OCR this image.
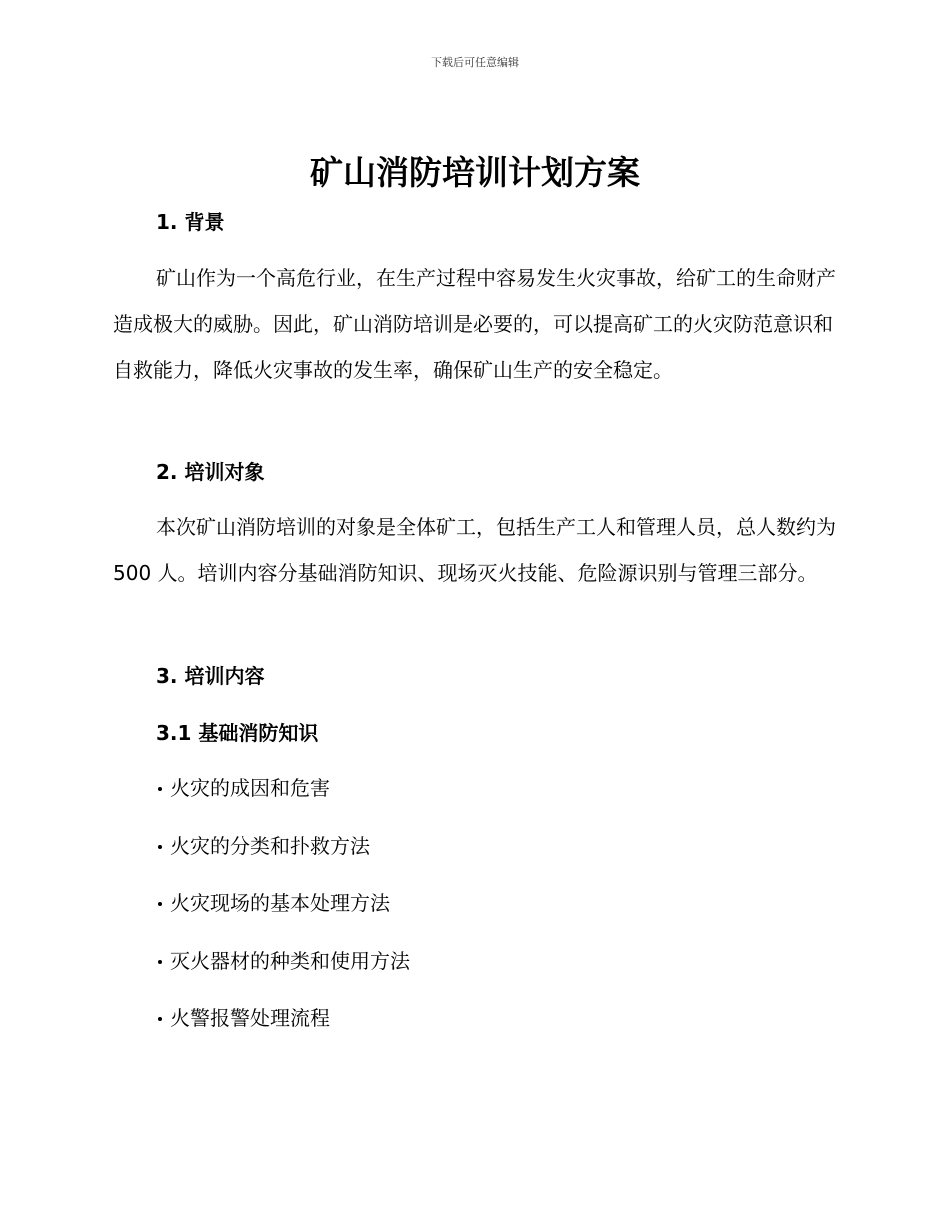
下载后可任意编辑
矿山消防培训计划方案
1. 背景

矿山作为一个高危行业，在生产过程中容易发生火灾事故，给矿工的生命财产造成极大的威胁。因此，矿山消防培训是必要的，可以提高矿工的火灾防范意识和自救能力，降低火灾事故的发生率，确保矿山生产的安全稳定。

2. 培训对象

本次矿山消防培训的对象是全体矿工，包括生产工人和管理人员，总人数约为 500 人。培训内容分基础消防知识、现场灭火技能、危险源识别与管理三部分。

3. 培训内容
3.1 基础消防知识
火灾的成因和危害
火灾的分类和扑救方法
火灾现场的基本处理方法
灭火器材的种类和使用方法
火警报警处理流程
